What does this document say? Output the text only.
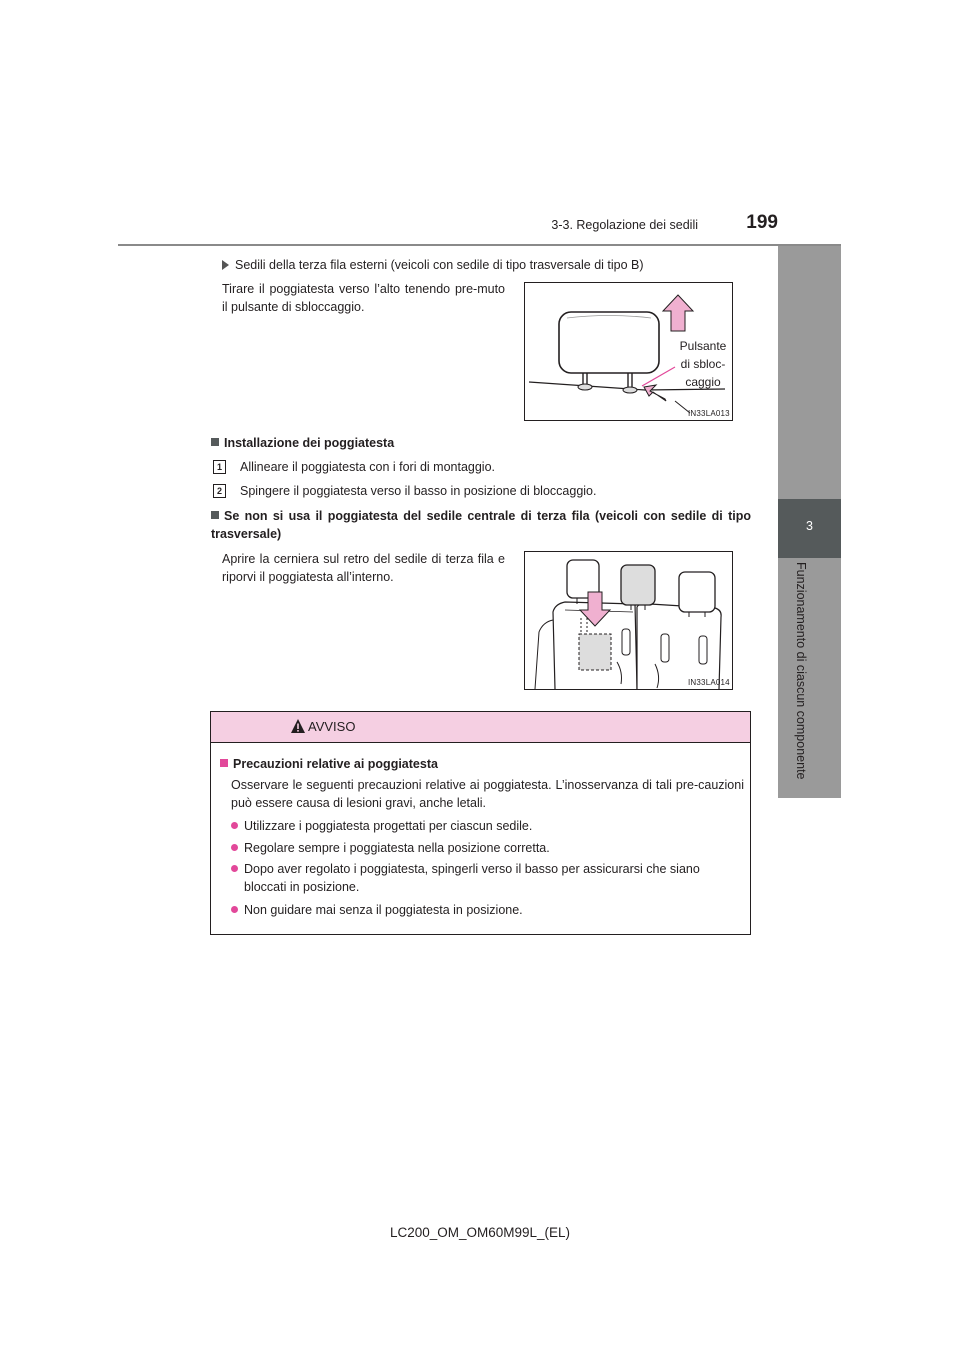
3-3. Regolazione dei sedili	199
3
Funzionamento di ciascun componente
Sedili della terza fila esterni (veicoli con sedile di tipo trasversale di tipo B)
Tirare il poggiatesta verso l’alto tenendo pre-muto il pulsante di sbloccaggio.
Pulsante
di sbloc-
caggio
IN33LA013
Installazione dei poggiatesta
1	Allineare il poggiatesta con i fori di montaggio.
2	Spingere il poggiatesta verso il basso in posizione di bloccaggio.
Se non si usa il poggiatesta del sedile centrale di terza fila (veicoli con sedile di tipo trasversale)
Aprire la cerniera sul retro del sedile di terza fila e riporvi il poggiatesta all’interno.
IN33LA014
AVVISO
Precauzioni relative ai poggiatesta
Osservare le seguenti precauzioni relative ai poggiatesta. L’inosservanza di tali pre-cauzioni può essere causa di lesioni gravi, anche letali.
Utilizzare i poggiatesta progettati per ciascun sedile.
Regolare sempre i poggiatesta nella posizione corretta.
Dopo aver regolato i poggiatesta, spingerli verso il basso per assicurarsi che siano bloccati in posizione.
Non guidare mai senza il poggiatesta in posizione.
LC200_OM_OM60M99L_(EL)
